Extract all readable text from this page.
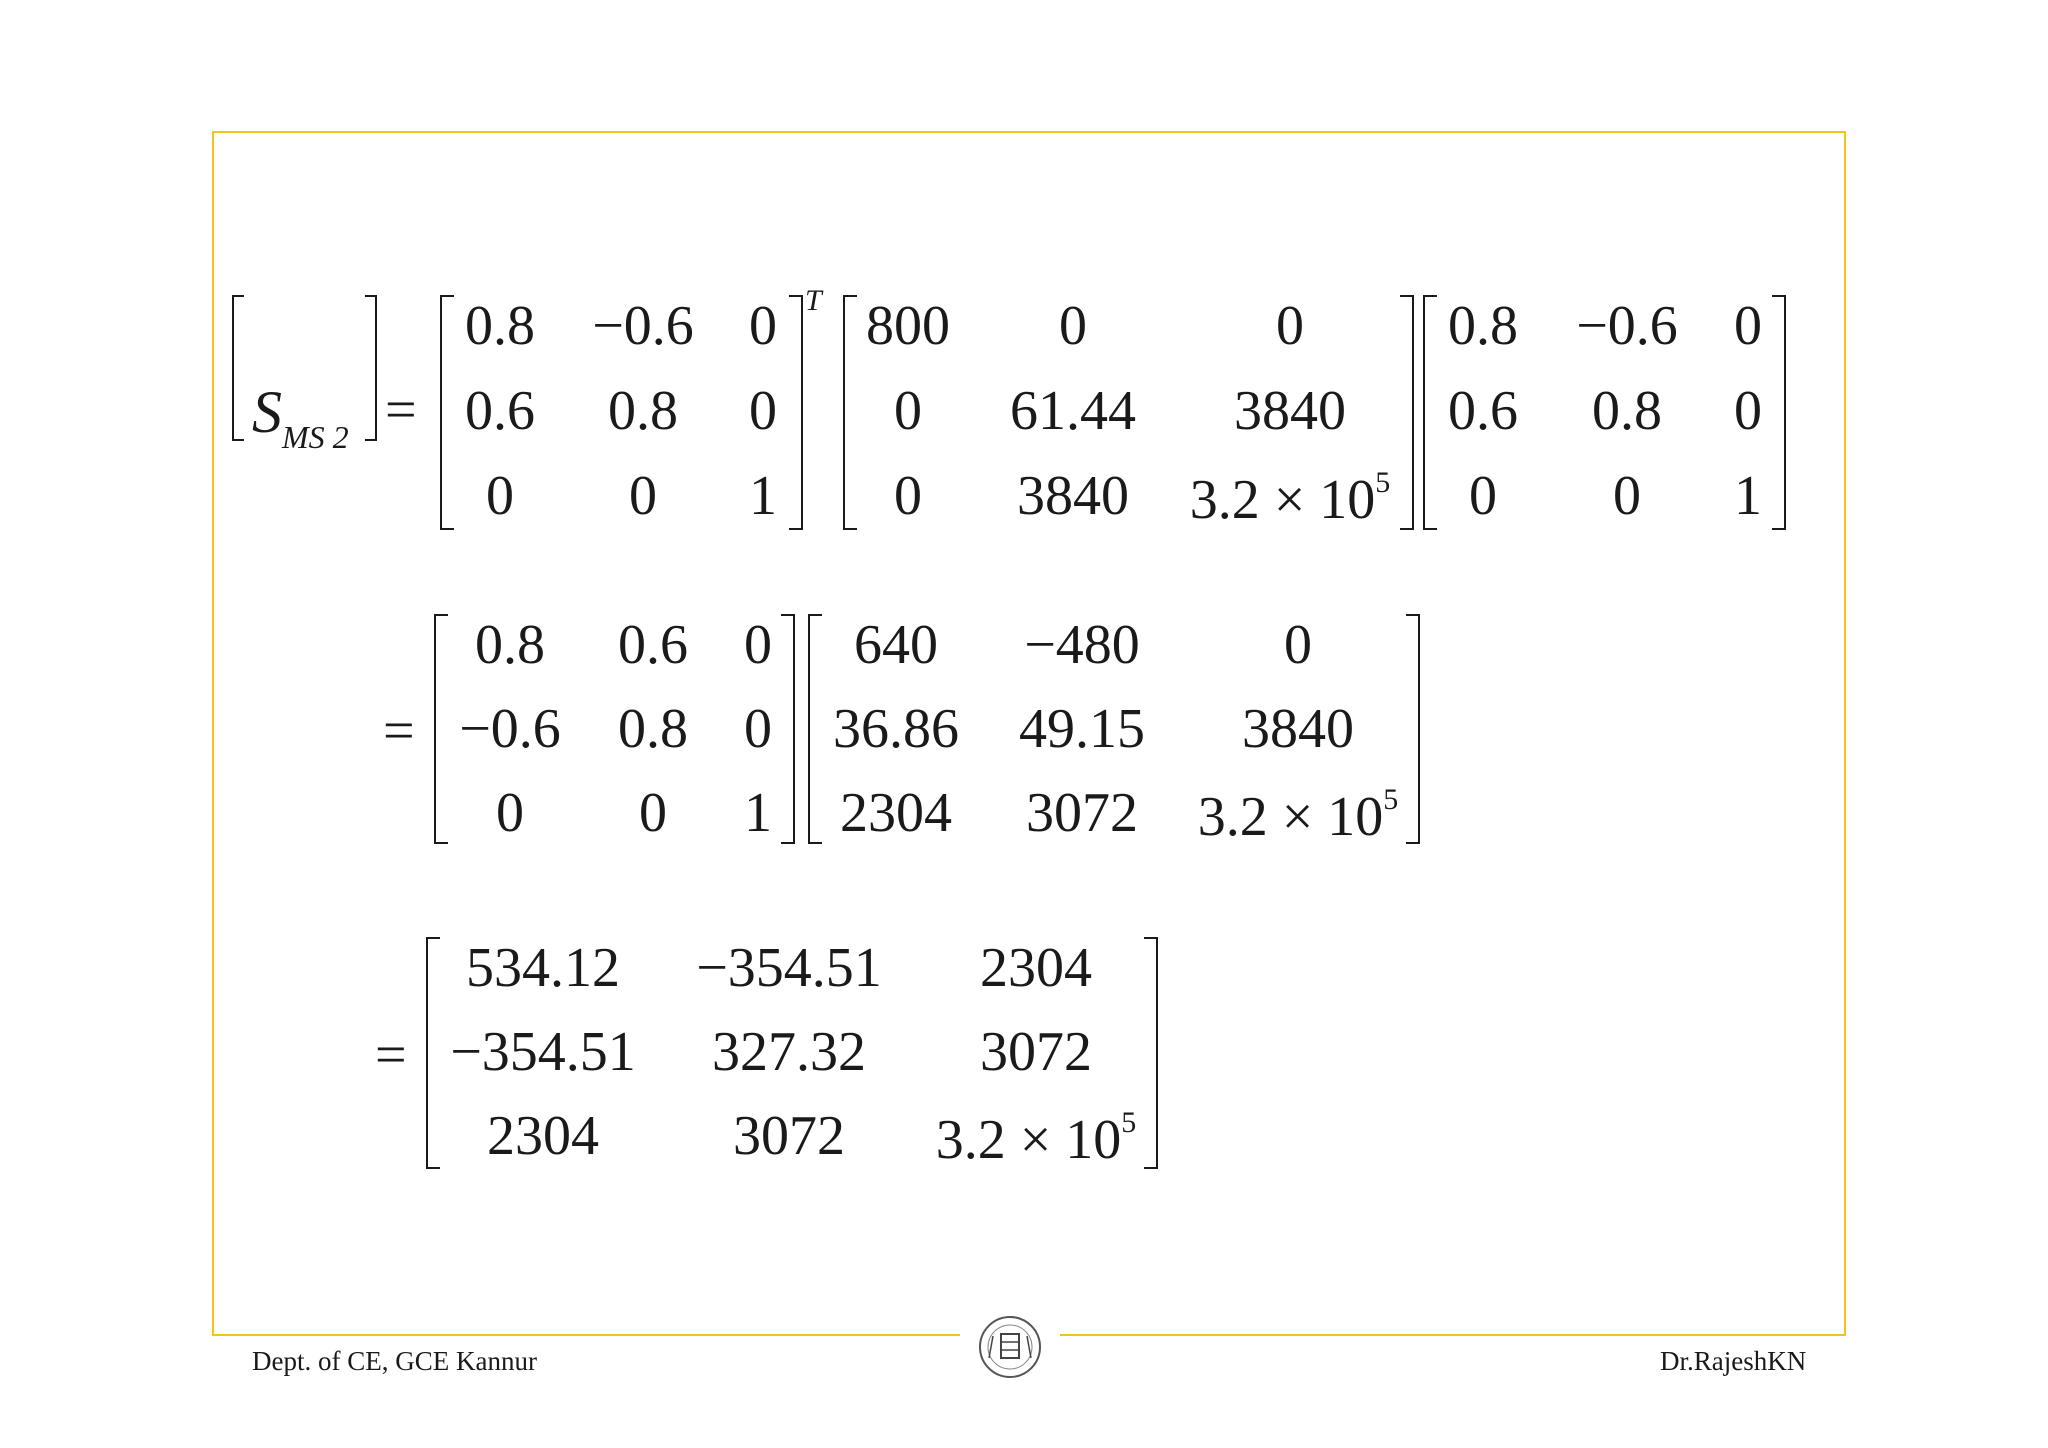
$S_{MS 2}$ =
T
=
=
Dept. of CE, GCE Kannur	Dr.RajeshKN
0.8 −0.6 0
0.6 0.8 0
0 0 1
800 0	0
0 61.44 3840
0 3840 $3.2 \times 10^5$
0.8 −0.6 0
0.6 0.8 0
0 0 1
0.8 0.6 0
−0.6 0.8 0
0 0 1
640 −480	0
36.86 49.15 3840
2304 3072 $3.2 \times 10^5$
534.12 −354.51 2304
−354.51 327.32 3072
2304 3072 $3.2 \times 10^5$
